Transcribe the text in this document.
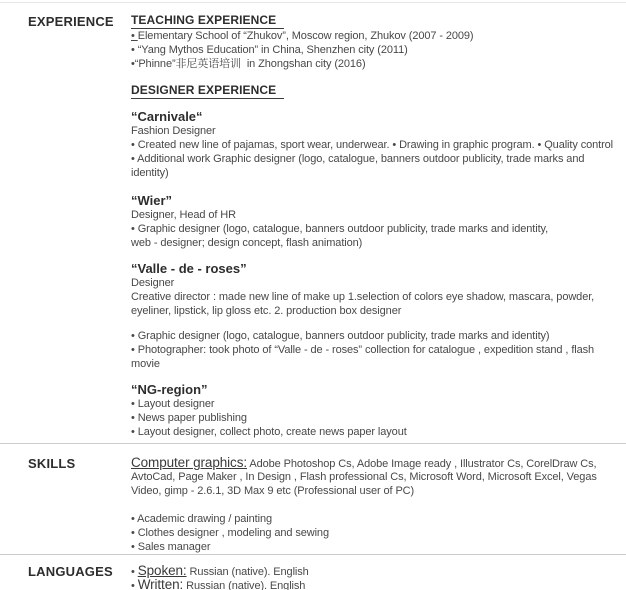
EXPERIENCE	TEACHING EXPERIENCE
• Elementary School of “Zhukov”, Moscow region, Zhukov (2007 - 2009)
• “Yang Mythos Education” in China, Shenzhen city (2011)
•“Phinne”非尼英语培训  in Zhongshan city (2016)
DESIGNER EXPERIENCE
“Carnivale“
Fashion Designer
• Created new line of pajamas, sport wear, underwear. • Drawing in graphic program. • Quality control
• Additional work Graphic designer (logo, catalogue, banners outdoor publicity, trade marks and
identity)
“Wier”
Designer, Head of HR
• Graphic designer (logo, catalogue, banners outdoor publicity, trade marks and identity,
web - designer; design concept, flash animation)
“Valle - de - roses”
Designer
Creative director : made new line of make up 1.selection of colors eye shadow, mascara, powder,
eyeliner, lipstick, lip gloss etc. 2. production box designer
• Graphic designer (logo, catalogue, banners outdoor publicity, trade marks and identity)
• Photographer: took photo of “Valle - de - roses” collection for catalogue , expedition stand , flash
movie
“NG-region”
• Layout designer
• News paper publishing
• Layout designer, collect photo, create news paper layout
SKILLS	Computer graphics: Adobe Photoshop Cs, Adobe Image ready , Illustrator Cs, CorelDraw Cs,
AvtoCad, Page Maker , In Design , Flash professional Cs, Microsoft Word, Microsoft Excel, Vegas
Video, gimp - 2.6.1, 3D Max 9 etc (Professional user of PC)
• Academic drawing / painting
• Clothes designer , modeling and sewing
• Sales manager
LANGUAGES	• Spoken: Russian (native). English
• Written: Russian (native). English
